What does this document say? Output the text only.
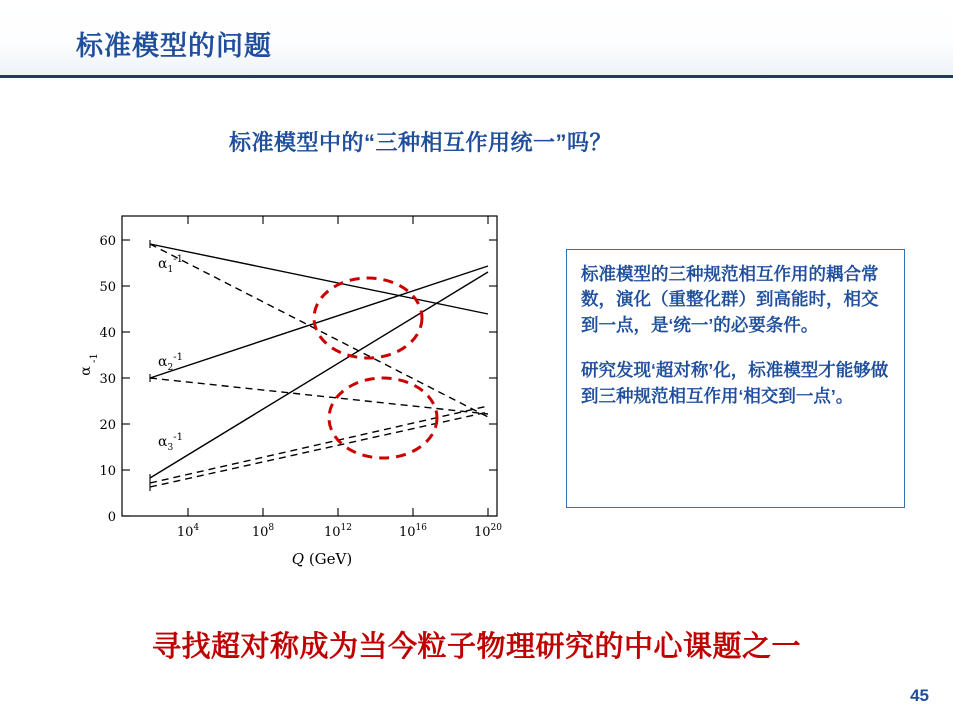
标准模型的问题
标准模型中的“三种相互作用统一”吗？
0
10
20
30
40
50
60
α
-1
$10^4$	$10^8$	$10^{12}$	$10^{16}$	$10^{20}$
Q (GeV)
$\alpha_1^{-1}$
$\alpha_2^{-1}$
$\alpha_3^{-1}$

标准模型的三种规范相互作用的耦合常数，演化（重整化群）到高能时，相交到一点，是‘统一’的必要条件。

研究发现‘超对称’化，标准模型才能够做到三种规范相互作用‘相交到一点’。

寻找超对称成为当今粒子物理研究的中心课题之一
45
